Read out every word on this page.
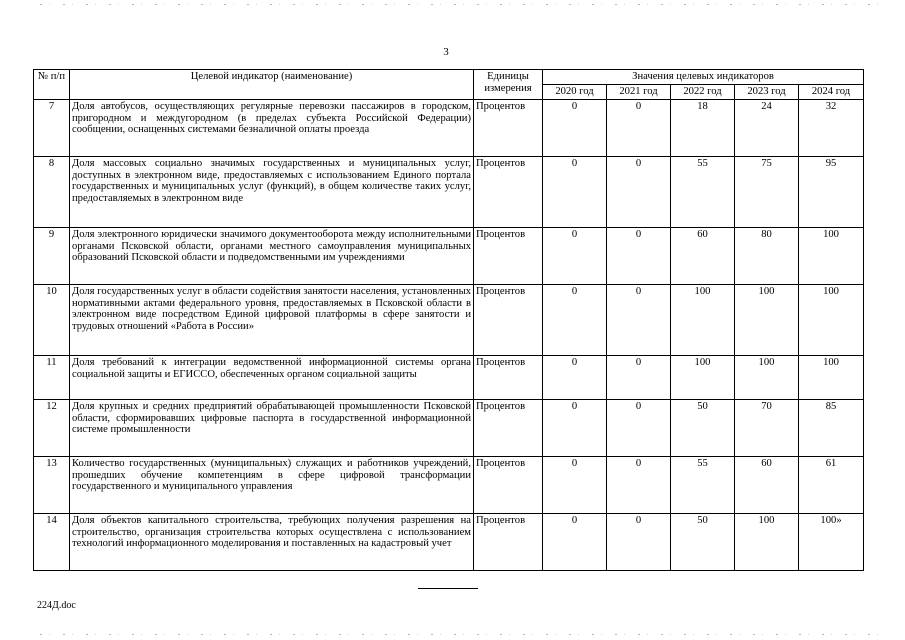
3
№ п/п	Целевой индикатор (наименование)	Единицы измерения	Значения целевых индикаторов				
			2020 год	2021 год	2022 год	2023 год	2024 год
7	Доля автобусов, осуществляющих регулярные перевозки пассажиров в городском, пригородном и междугородном (в пределах субъекта Российской Федерации) сообщении, оснащенных системами безналичной оплаты проезда	Процентов	0	0	18	24	32
8	Доля массовых социально значимых государственных и муниципальных услуг, доступных в электронном виде, предоставляемых с использованием Единого портала государственных и муниципальных услуг (функций), в общем количестве таких услуг, предоставляемых в электронном виде	Процентов	0	0	55	75	95
9	Доля электронного юридически значимого документооборота между исполнительными органами Псковской области, органами местного самоуправления муниципальных образований Псковской области и подведомственными им учреждениями	Процентов	0	0	60	80	100
10	Доля государственных услуг в области содействия занятости населения, установленных нормативными актами федерального уровня, предоставляемых в Псковской области в электронном виде посредством Единой цифровой платформы в сфере занятости и трудовых отношений «Работа в России»	Процентов	0	0	100	100	100
11	Доля требований к интеграции ведомственной информационной системы органа социальной защиты и ЕГИССО, обеспеченных органом социальной защиты	Процентов	0	0	100	100	100
12	Доля крупных и средних предприятий обрабатывающей промышленности Псковской области, сформировавших цифровые паспорта в государственной информационной системе промышленности	Процентов	0	0	50	70	85
13	Количество государственных (муниципальных) служащих и работников учреждений, прошедших обучение компетенциям в сфере цифровой трансформации государственного и муниципального управления	Процентов	0	0	55	60	61
14	Доля объектов капитального строительства, требующих получения разрешения на строительство, организация строительства которых осуществлена с использованием технологий информационного моделирования и поставленных на кадастровый учет	Процентов	0	0	50	100	100»
224Д.doc
